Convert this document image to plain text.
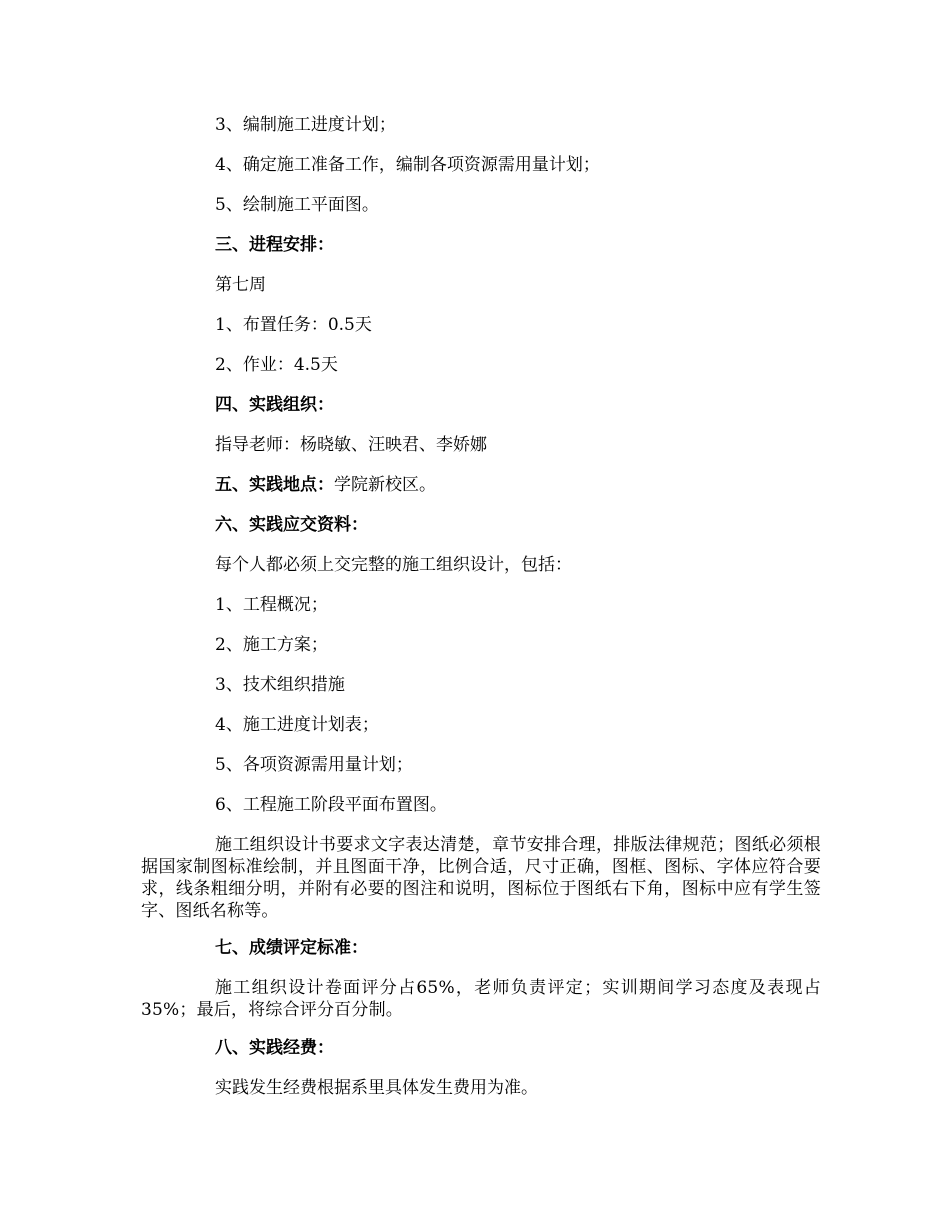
3、编制施工进度计划；

4、确定施工准备工作，编制各项资源需用量计划；

5、绘制施工平面图。

三、进程安排：

第七周

1、布置任务：0.5天

2、作业：4.5天

四、实践组织：

指导老师：杨晓敏、汪映君、李娇娜

五、实践地点：学院新校区。

六、实践应交资料：

每个人都必须上交完整的施工组织设计，包括：

1、工程概况；

2、施工方案；

3、技术组织措施

4、施工进度计划表；

5、各项资源需用量计划；

6、工程施工阶段平面布置图。

施工组织设计书要求文字表达清楚，章节安排合理，排版法律规范；图纸必须根据国家制图标准绘制，并且图面干净，比例合适，尺寸正确，图框、图标、字体应符合要求，线条粗细分明，并附有必要的图注和说明，图标位于图纸右下角，图标中应有学生签字、图纸名称等。

七、成绩评定标准：

施工组织设计卷面评分占65%，老师负责评定；实训期间学习态度及表现占35%；最后，将综合评分百分制。

八、实践经费：

实践发生经费根据系里具体发生费用为准。
